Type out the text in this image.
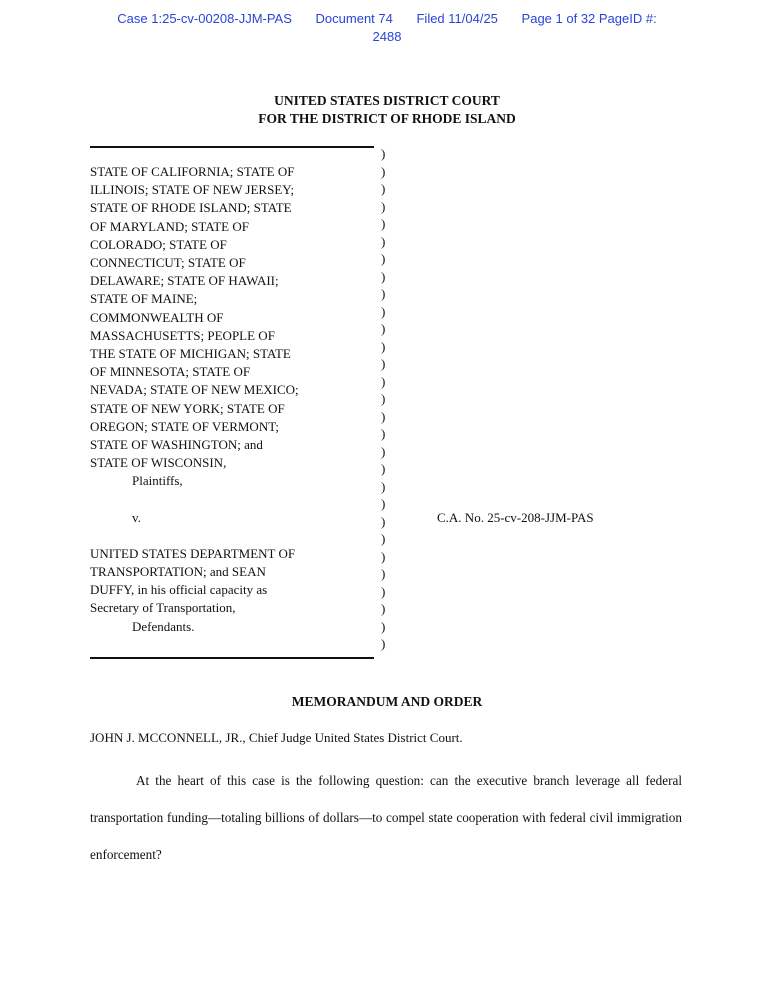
Case 1:25-cv-00208-JJM-PAS Document 74 Filed 11/04/25 Page 1 of 32 PageID #:
2488
UNITED STATES DISTRICT COURT
FOR THE DISTRICT OF RHODE ISLAND
STATE OF CALIFORNIA; STATE OF
ILLINOIS; STATE OF NEW JERSEY;
STATE OF RHODE ISLAND; STATE
OF MARYLAND; STATE OF
COLORADO; STATE OF
CONNECTICUT; STATE OF
DELAWARE; STATE OF HAWAII;
STATE OF MAINE;
COMMONWEALTH OF
MASSACHUSETTS; PEOPLE OF
THE STATE OF MICHIGAN; STATE
OF MINNESOTA; STATE OF
NEVADA; STATE OF NEW MEXICO;
STATE OF NEW YORK; STATE OF
OREGON; STATE OF VERMONT;
STATE OF WASHINGTON; and
STATE OF WISCONSIN,
Plaintiffs,
v.
UNITED STATES DEPARTMENT OF
TRANSPORTATION; and SEAN
DUFFY, in his official capacity as
Secretary of Transportation,
Defendants.
)
)
)
)
)
)
)
)
)
)
)
)
)
)
)
)
)
)
)
)
)
)
)
)
)
)
)
)
)
C.A. No. 25-cv-208-JJM-PAS
MEMORANDUM AND ORDER
JOHN J. MCCONNELL, JR., Chief Judge United States District Court.

At the heart of this case is the following question: can the executive branch leverage all federal transportation funding—totaling billions of dollars—to compel state cooperation with federal civil immigration enforcement?
